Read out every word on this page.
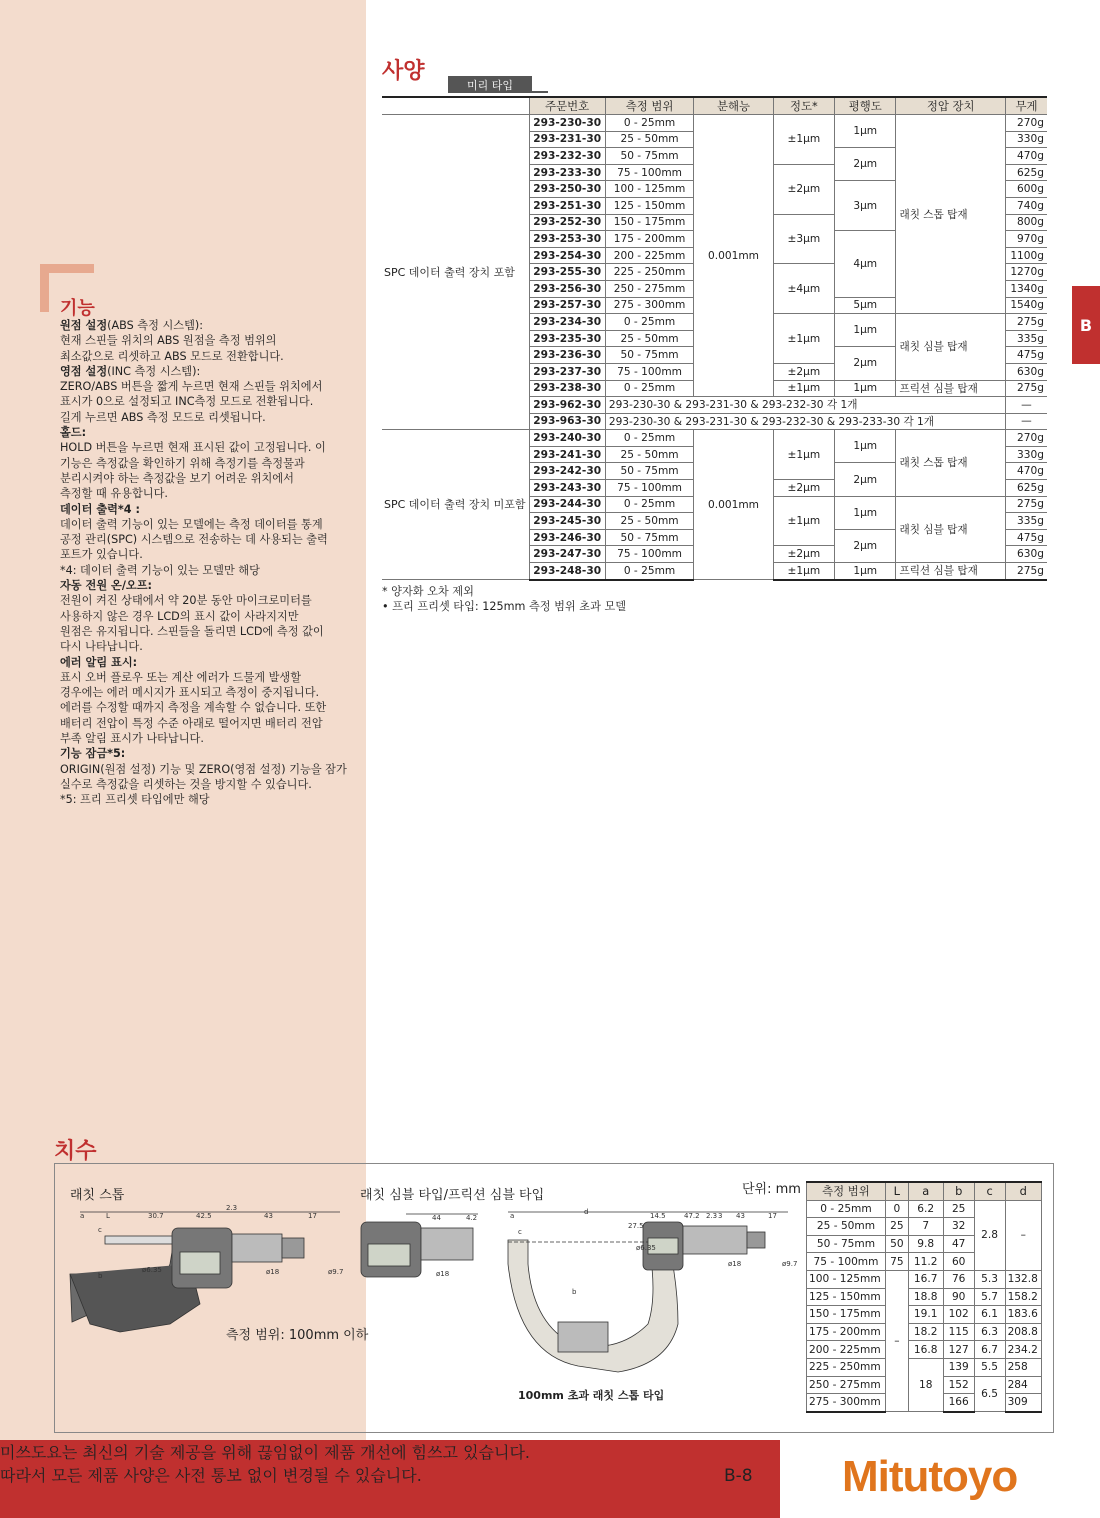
사양
기능
원점 설정(ABS 측정 시스템):
현재 스핀들 위치의 ABS 원점을 측정 범위의
최소값으로 리셋하고 ABS 모드로 전환합니다.
영점 설정(INC 측정 시스템):
ZERO/ABS 버튼을 짧게 누르면 현재 스핀들 위치에서
표시가 0으로 설정되고 INC측정 모드로 전환됩니다.
길게 누르면 ABS 측정 모드로 리셋됩니다.
홀드:
HOLD 버튼을 누르면 현재 표시된 값이 고정됩니다. 이
기능은 측정값을 확인하기 위해 측정기를 측정물과
분리시켜야 하는 측정값을 보기 어려운 위치에서
측정할 때 유용합니다.
데이터 출력*4 :
데이터 출력 기능이 있는 모델에는 측정 데이터를 통계
공정 관리(SPC) 시스템으로 전송하는 데 사용되는 출력
포트가 있습니다.
*4: 데이터 출력 기능이 있는 모델만 해당
자동 전원 온/오프:
전원이 켜진 상태에서 약 20분 동안 마이크로미터를
사용하지 않은 경우 LCD의 표시 값이 사라지지만
원점은 유지됩니다. 스핀들을 돌리면 LCD에 측정 값이
다시 나타납니다.
에러 알림 표시:
표시 오버 플로우 또는 계산 에러가 드물게 발생할
경우에는 에러 메시지가 표시되고 측정이 중지됩니다.
에러를 수정할 때까지 측정을 계속할 수 없습니다. 또한
배터리 전압이 특정 수준 아래로 떨어지면 배터리 전압
부족 알림 표시가 나타납니다.
기능 잠금*5:
ORIGIN(원점 설정) 기능 및 ZERO(영점 설정) 기능을 잠가
실수로 측정값을 리셋하는 것을 방지할 수 있습니다.
*5: 프리 프리셋 타입에만 해당
B
미리 타입
	주문번호	측정 범위	분해능	정도*	평행도	정압 장치	무게
SPC 데이터 출력 장치 포함	293-230-30	0 - 25mm	0.001mm	±1μm	1μm	래칫 스톱 탑재	270g
	293-231-30	25 - 50mm					330g
	293-232-30	50 - 75mm			2μm		470g
	293-233-30	75 - 100mm		±2μm			625g
	293-250-30	100 - 125mm			3μm		600g
	293-251-30	125 - 150mm					740g
	293-252-30	150 - 175mm		±3μm			800g
	293-253-30	175 - 200mm			4μm		970g
	293-254-30	200 - 225mm					1100g
	293-255-30	225 - 250mm		±4μm			1270g
	293-256-30	250 - 275mm					1340g
	293-257-30	275 - 300mm			5μm		1540g
	293-234-30	0 - 25mm		±1μm	1μm	래칫 심블 탑재	275g
	293-235-30	25 - 50mm					335g
	293-236-30	50 - 75mm			2μm		475g
	293-237-30	75 - 100mm		±2μm			630g
	293-238-30	0 - 25mm		±1μm	1μm	프릭션 심블 탑재	275g
	293-962-30	293-230-30 & 293-231-30 & 293-232-30 각 1개					—
	293-963-30	293-230-30 & 293-231-30 & 293-232-30 & 293-233-30 각 1개					—
SPC 데이터 출력 장치 미포함	293-240-30	0 - 25mm	0.001mm	±1μm	1μm	래칫 스톱 탑재	270g
	293-241-30	25 - 50mm					330g
	293-242-30	50 - 75mm			2μm		470g
	293-243-30	75 - 100mm		±2μm			625g
	293-244-30	0 - 25mm		±1μm	1μm	래칫 심블 탑재	275g
	293-245-30	25 - 50mm					335g
	293-246-30	50 - 75mm			2μm		475g
	293-247-30	75 - 100mm		±2μm			630g
	293-248-30	0 - 25mm		±1μm	1μm	프릭션 심블 탑재	275g
* 양자화 오차 제외
• 프리 프리셋 타입: 125mm 측정 범위 초과 모델
치수
래칫 스톱	래칫 심블 타입/프릭션 심블 타입	단위: mm
측정 범위: 100mm 이하
100mm 초과 래칫 스톱 타입
a	L	30.7	42.5
2.3
43	17
c
b
ø6.35	ø18	ø9.7
44	4.2
ø18
a	d	14.5	47.2 2.3 3 43	17
c
27.5
ø6.35
b
ø18	ø9.7
측정 범위	L	a	b	c	d
0 - 25mm	0	6.2	25	2.8	–
25 - 50mm	25	7	32		
50 - 75mm	50	9.8	47		
75 - 100mm	75	11.2	60		
100 - 125mm	–	16.7	76	5.3	132.8
125 - 150mm		18.8	90	5.7	158.2
150 - 175mm		19.1	102	6.1	183.6
175 - 200mm		18.2	115	6.3	208.8
200 - 225mm		16.8	127	6.7	234.2
225 - 250mm		18	139	5.5	258
250 - 275mm			152	6.5	284
275 - 300mm			166		309
미쓰도요는 최신의 기술 제공을 위해 끊임없이 제품 개선에 힘쓰고 있습니다.
따라서 모든 제품 사양은 사전 통보 없이 변경될 수 있습니다.	B-8 Mitutoyo
